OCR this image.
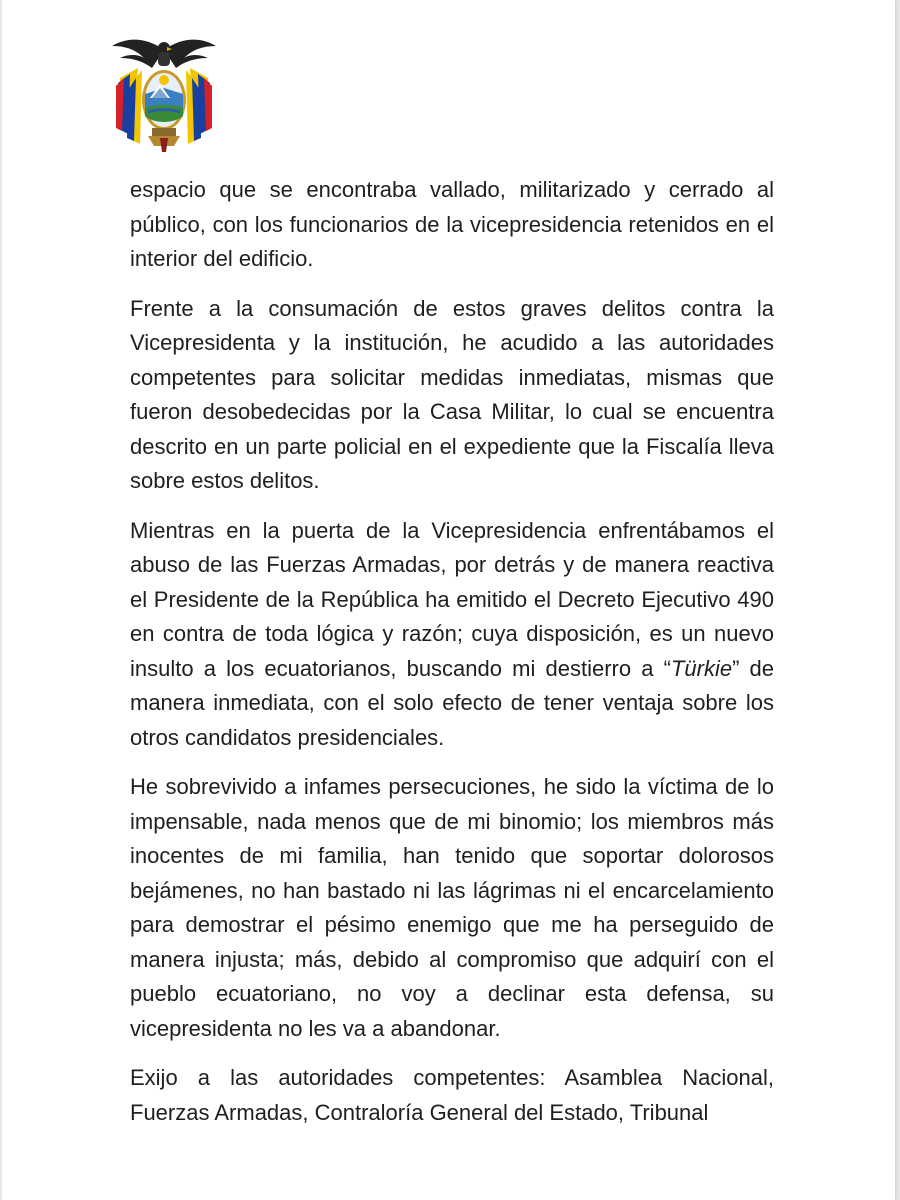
espacio que se encontraba vallado, militarizado y cerrado al público, con los funcionarios de la vicepresidencia retenidos en el interior del edificio.

Frente a la consumación de estos graves delitos contra la Vicepresidenta y la institución, he acudido a las autoridades competentes para solicitar medidas inmediatas, mismas que fueron desobedecidas por la Casa Militar, lo cual se encuentra descrito en un parte policial en el expediente que la Fiscalía lleva sobre estos delitos.

Mientras en la puerta de la Vicepresidencia enfrentábamos el abuso de las Fuerzas Armadas, por detrás y de manera reactiva el Presidente de la República ha emitido el Decreto Ejecutivo 490 en contra de toda lógica y razón; cuya disposición, es un nuevo insulto a los ecuatorianos, buscando mi destierro a “Türkie” de manera inmediata, con el solo efecto de tener ventaja sobre los otros candidatos presidenciales.

He sobrevivido a infames persecuciones, he sido la víctima de lo impensable, nada menos que de mi binomio; los miembros más inocentes de mi familia, han tenido que soportar dolorosos bejámenes, no han bastado ni las lágrimas ni el encarcelamiento para demostrar el pésimo enemigo que me ha perseguido de manera injusta; más, debido al compromiso que adquirí con el pueblo ecuatoriano, no voy a declinar esta defensa, su vicepresidenta no les va a abandonar.

Exijo a las autoridades competentes: Asamblea Nacional, Fuerzas Armadas, Contraloría General del Estado, Tribunal
